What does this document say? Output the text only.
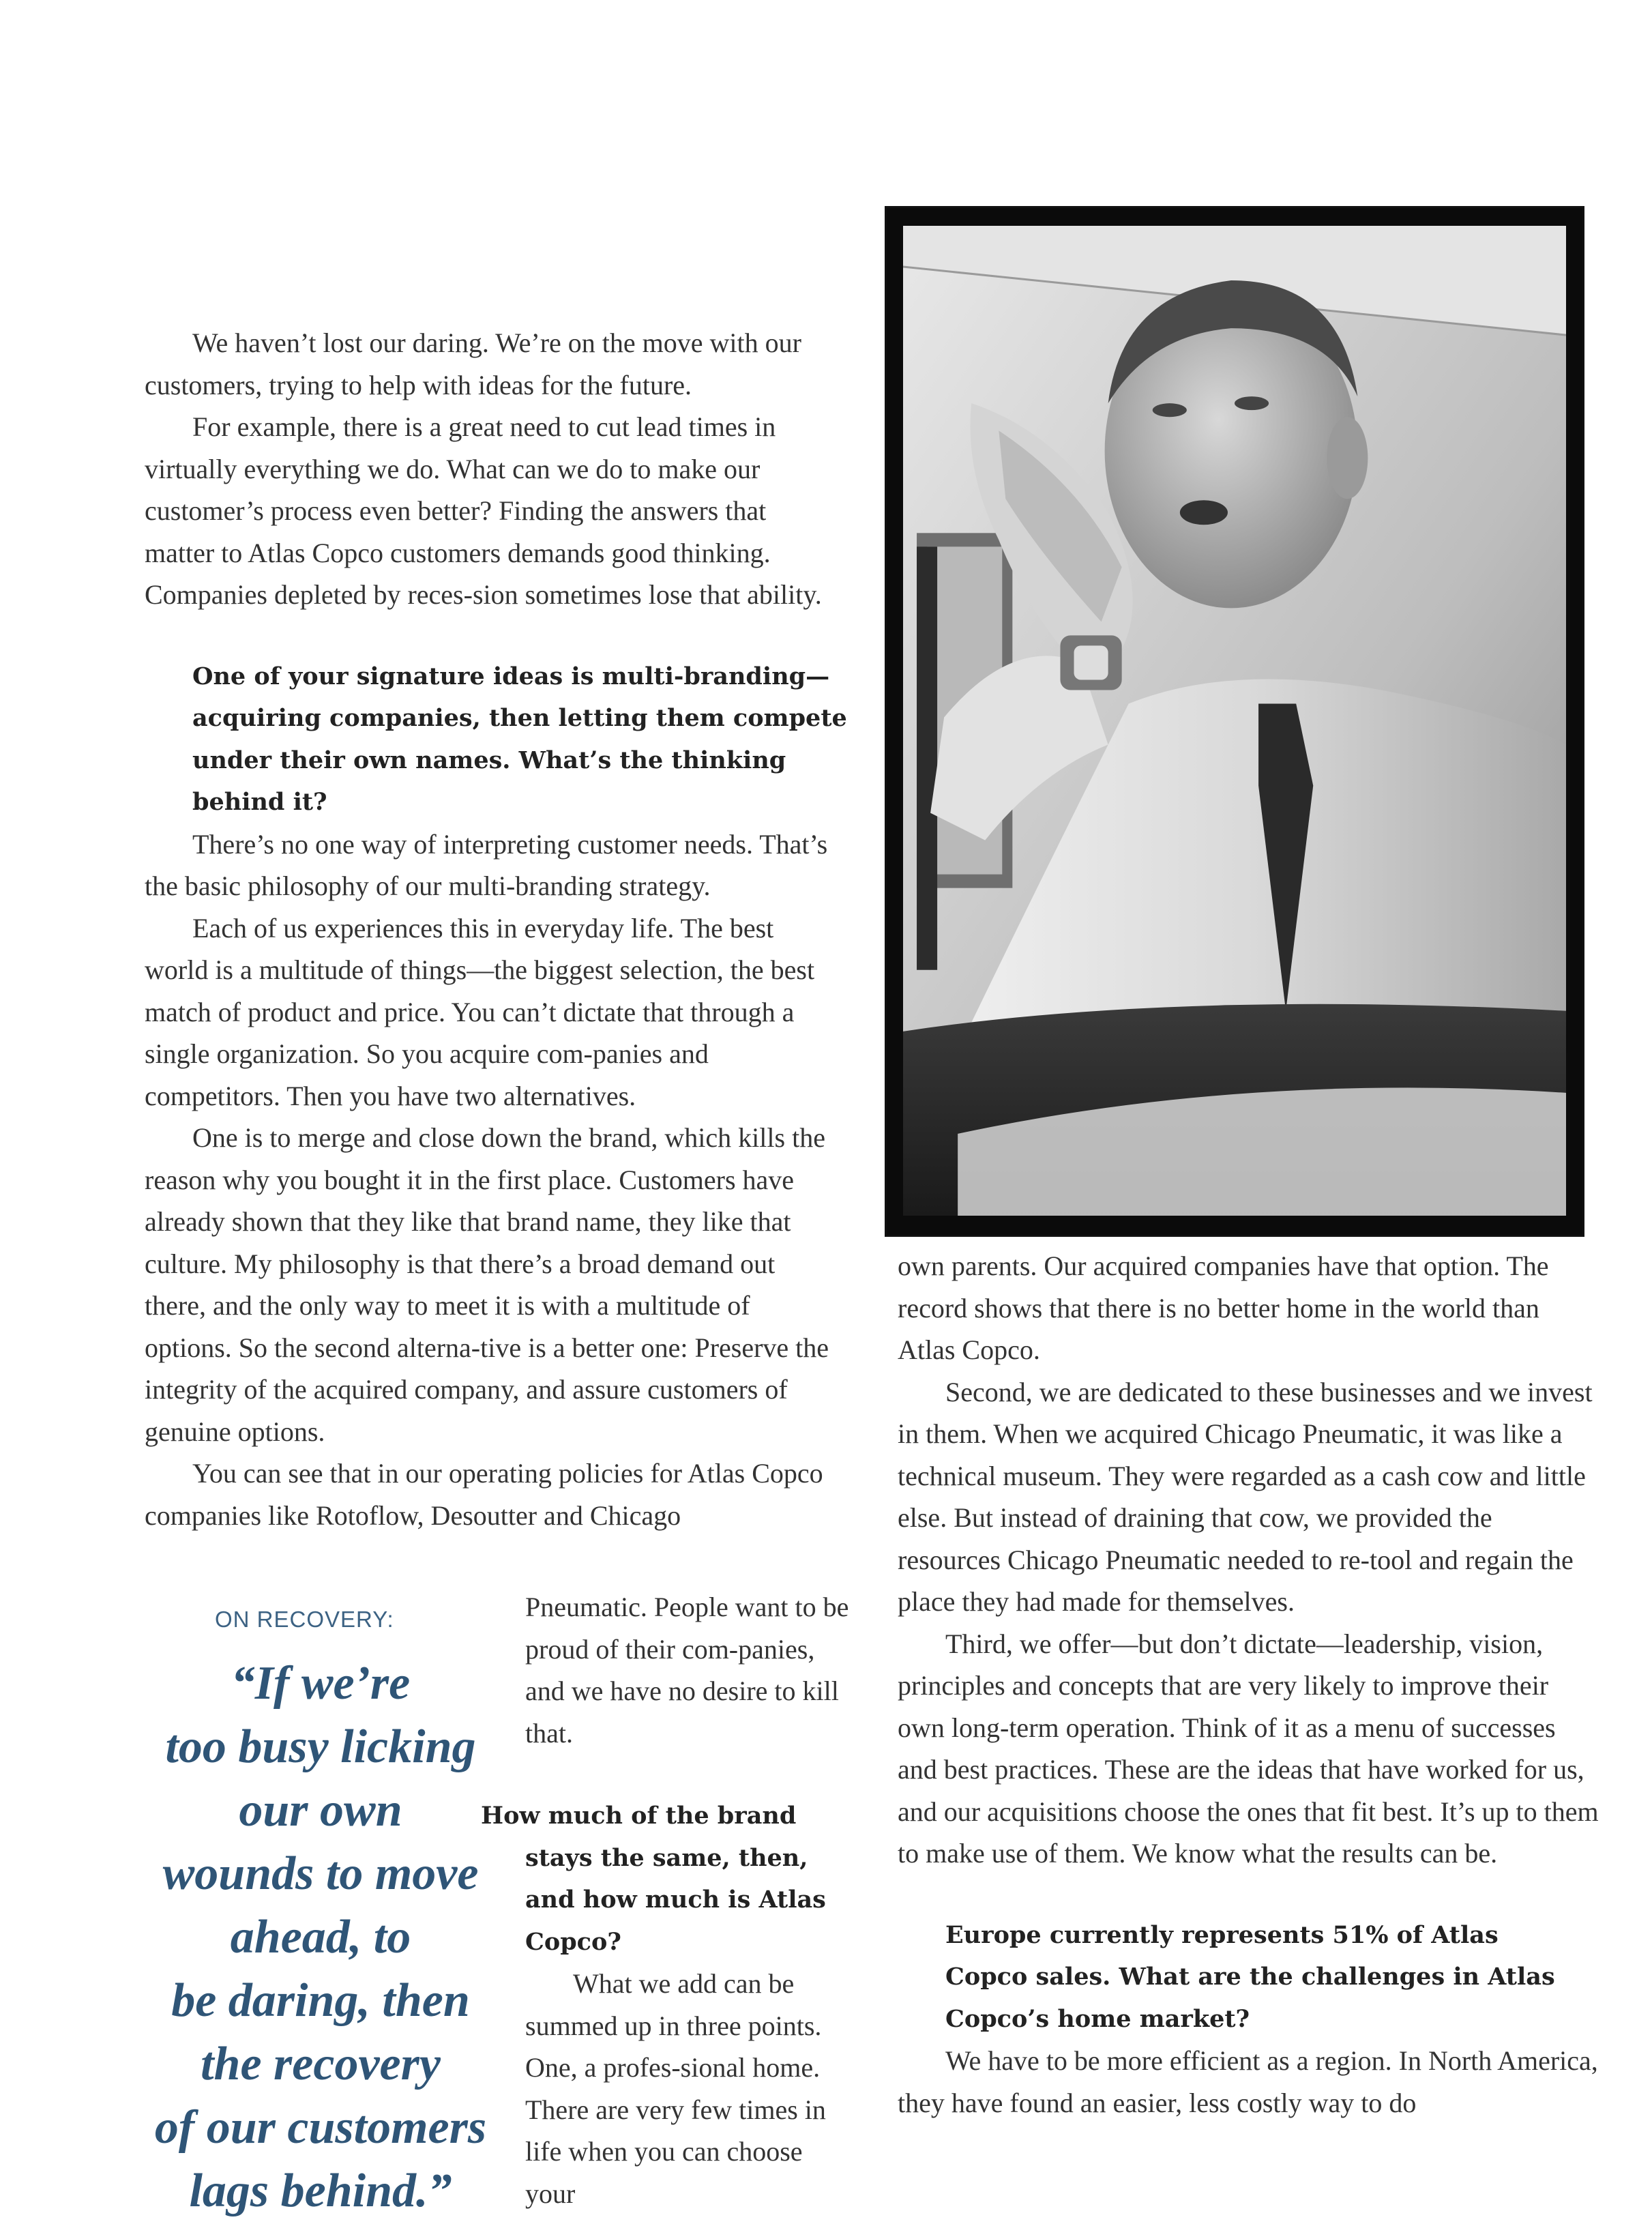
We haven’t lost our daring. We’re on the move with our customers, trying to help with ideas for the future.

For example, there is a great need to cut lead times in virtually everything we do. What can we do to make our customer’s process even better? Finding the answers that matter to Atlas Copco customers demands good thinking. Companies depleted by reces-sion sometimes lose that ability.

One of your signature ideas is multi-branding—acquiring companies, then letting them compete under their own names. What’s the thinking behind it?

There’s no one way of interpreting customer needs. That’s the basic philosophy of our multi-branding strategy.

Each of us experiences this in everyday life. The best world is a multitude of things—the biggest selection, the best match of product and price. You can’t dictate that through a single organization. So you acquire com-panies and competitors. Then you have two alternatives.

One is to merge and close down the brand, which kills the reason why you bought it in the first place. Customers have already shown that they like that brand name, they like that culture. My philosophy is that there’s a broad demand out there, and the only way to meet it is with a multitude of options. So the second alterna-tive is a better one: Preserve the integrity of the acquired company, and assure customers of genuine options.

You can see that in our operating policies for Atlas Copco companies like Rotoflow, Desoutter and Chicago

ON RECOVERY:

“If we’re

too busy licking

our own

wounds to move

ahead, to

be daring, then

the recovery

of our customers

lags behind.”

Pneumatic. People want to be proud of their com-panies, and we have no desire to kill that.

How much of the brand stays the same, then, and how much is Atlas Copco?

What we add can be summed up in three points. One, a profes-sional home. There are very few times in life when you can choose your

own parents. Our acquired companies have that option. The record shows that there is no better home in the world than Atlas Copco.

Second, we are dedicated to these businesses and we invest in them. When we acquired Chicago Pneumatic, it was like a technical museum. They were regarded as a cash cow and little else. But instead of draining that cow, we provided the resources Chicago Pneumatic needed to re-tool and regain the place they had made for themselves.

Third, we offer—but don’t dictate—leadership, vision, principles and concepts that are very likely to improve their own long-term operation. Think of it as a menu of successes and best practices. These are the ideas that have worked for us, and our acquisitions choose the ones that fit best. It’s up to them to make use of them. We know what the results can be.

Europe currently represents 51% of Atlas Copco sales. What are the challenges in Atlas Copco’s home market?

We have to be more efficient as a region. In North America, they have found an easier, less costly way to do
